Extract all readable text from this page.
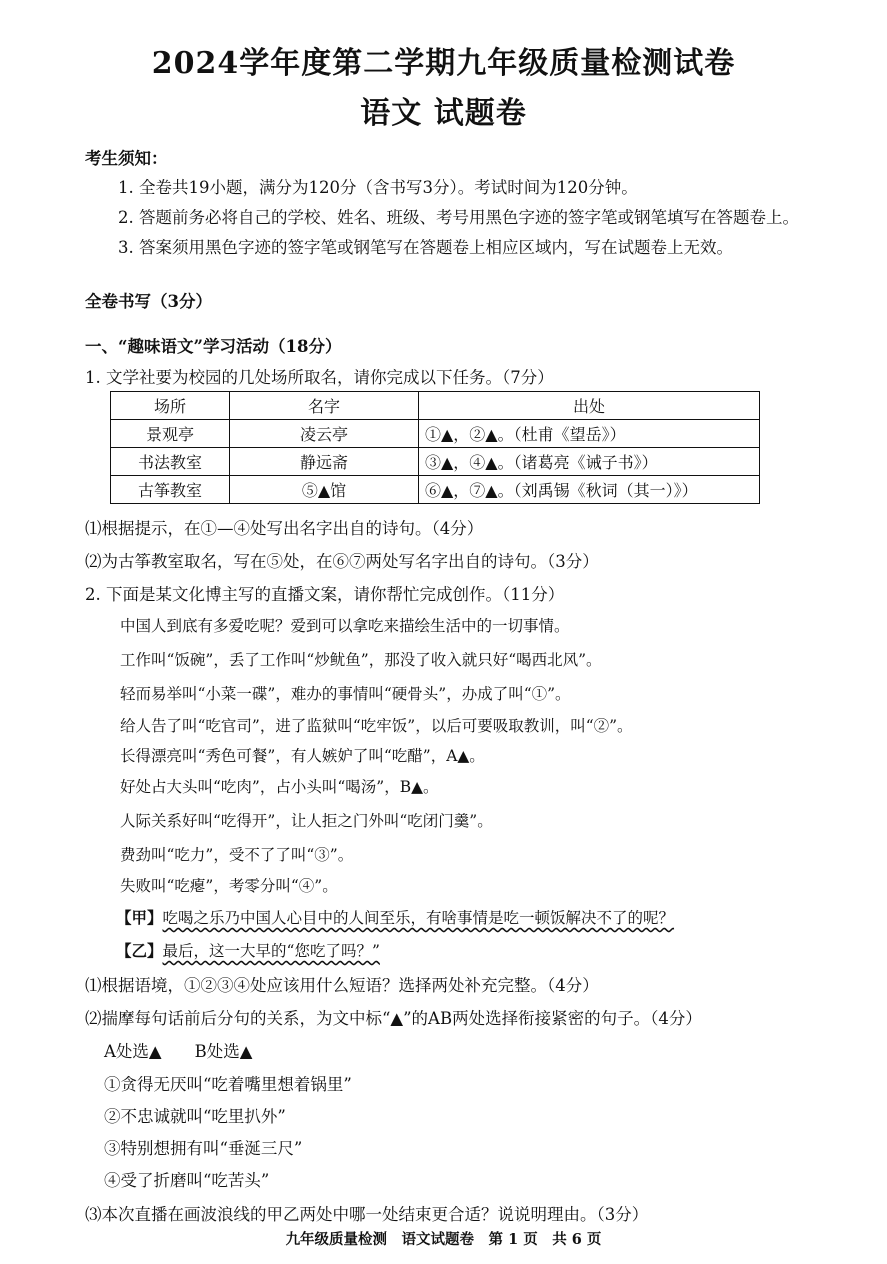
2024学年度第二学期九年级质量检测试卷
语文 试题卷
考生须知：
1. 全卷共19小题，满分为120分（含书写3分）。考试时间为120分钟。
2. 答题前务必将自己的学校、姓名、班级、考号用黑色字迹的签字笔或钢笔填写在答题卷上。
3. 答案须用黑色字迹的签字笔或钢笔写在答题卷上相应区域内，写在试题卷上无效。
全卷书写（3分）
一、“趣味语文”学习活动（18分）
1. 文学社要为校园的几处场所取名，请你完成以下任务。（7分）
场所	名字	出处
景观亭	凌云亭	①▲，②▲。（杜甫《望岳》）
书法教室	静远斋	③▲，④▲。（诸葛亮《诫子书》）
古筝教室	⑤▲馆	⑥▲，⑦▲。（刘禹锡《秋词（其一）》）
⑴根据提示，在①—④处写出名字出自的诗句。（4分）
⑵为古筝教室取名，写在⑤处，在⑥⑦两处写名字出自的诗句。（3分）
2. 下面是某文化博主写的直播文案，请你帮忙完成创作。（11分）
中国人到底有多爱吃呢？爱到可以拿吃来描绘生活中的一切事情。
工作叫“饭碗”，丢了工作叫“炒鱿鱼”，那没了收入就只好“喝西北风”。
轻而易举叫“小菜一碟”，难办的事情叫“硬骨头”，办成了叫“①”。
给人告了叫“吃官司”，进了监狱叫“吃牢饭”，以后可要吸取教训，叫“②”。
长得漂亮叫“秀色可餐”，有人嫉妒了叫“吃醋”，A▲。
好处占大头叫“吃肉”，占小头叫“喝汤”，B▲。
人际关系好叫“吃得开”，让人拒之门外叫“吃闭门羹”。
费劲叫“吃力”，受不了了叫“③”。
失败叫“吃瘪”，考零分叫“④”。
【甲】吃喝之乐乃中国人心目中的人间至乐，有啥事情是吃一顿饭解决不了的呢？
【乙】最后，这一大早的“您吃了吗？”
⑴根据语境，①②③④处应该用什么短语？选择两处补充完整。（4分）
⑵揣摩每句话前后分句的关系，为文中标“▲”的AB两处选择衔接紧密的句子。（4分）
A处选▲　　B处选▲
①贪得无厌叫“吃着嘴里想着锅里”
②不忠诚就叫“吃里扒外”
③特别想拥有叫“垂涎三尺”
④受了折磨叫“吃苦头”
⑶本次直播在画波浪线的甲乙两处中哪一处结束更合适？说说明理由。（3分）
九年级质量检测　语文试题卷　第 1 页　共 6 页
